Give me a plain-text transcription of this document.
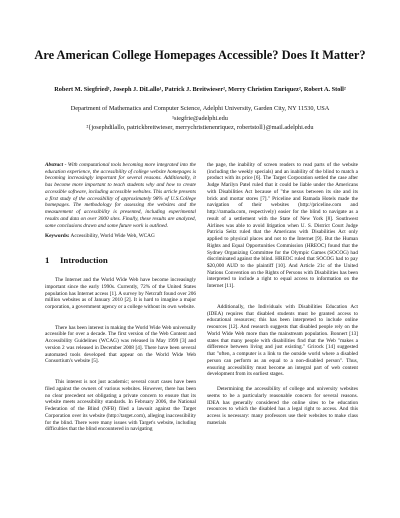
Are American College Homepages Accessible? Does It Matter?
Robert M. Siegfried¹, Joseph J. DiLallo¹, Patrick J. Breitwieser², Merry Christien Enriquez², Robert A. Stoll²
Department of Mathematics and Computer Science, Adelphi University, Garden City, NY 11530, USA
¹siegfrie@adelphi.edu
²{josephdilallo, patrickbreitwieser, merrychristienenriquez, robertstoll}@mail.adelphi.edu

Abstract - With computational tools becoming more integrated into the education experience, the accessibility of college website homepages is becoming increasingly important for several reasons. Additionally, it has become more important to teach students why and how to create accessible software, including accessible websites. This article presents a first study of the accessibility of approximately 98% of U.S.College homepages. The methodology for assessing the websites and the measurement of accessibility is presented, including experimental results and data on over 3000 sites. Finally, these results are analyzed, some conclusions drawn and some future work is outlined.

Keywords: Accessibility, World Wide Web, WCAG

1 Introduction

The Internet and the World Wide Web have become increasingly important since the early 1990s. Currently, 72% of the United States population has Internet access [1]. A survey by Netcraft found over 206 million websites as of January 2010 [2]. It is hard to imagine a major corporation, a government agency or a college without its own website.

There has been interest in making the World Wide Web universally accessible for over a decade. The first version of the Web Content and Accessibility Guidelines (WCAG) was released in May 1999 [3] and version 2 was released in December 2008 [4]. There have been several automated tools developed that appear on the World Wide Web Consortium's website [5].

This interest is not just academic; several court cases have been filed against the owners of various websites. However, there has been no clear precedent set obligating a private concern to ensure that its website meets accessibility standards. In February 2006, the National Federation of the Blind (NFB) filed a lawsuit against the Target Corporation over its website (http://target.com), alleging inaccessibility for the blind. There were many issues with Target's website, including difficulties that the blind encountered in navigating

the page, the inability of screen readers to read parts of the website (including the weekly specials) and an inability of the blind to match a product with its price [6]. The Target Corporation settled the case after Judge Marilyn Patel ruled that it could be liable under the Americans with Disabilities Act because of "the nexus between its site and its brick and mortar stores [7]." Priceline and Ramada Hotels made the navigation of their websites (http://priceline.com and http://ramada.com, respectively) easier for the blind to navigate as a result of a settlement with the State of New York [8]. Southwest Airlines was able to avoid litigation when U. S. District Court Judge Patricia Seitz ruled that the Americans with Disabilities Act only applied to physical places and not to the Internet [9]. But the Human Rights and Equal Opportunities Commission (HREOC) found that the Sydney Organizing Committee for the Olympic Games (SOCOG) had discriminated against the blind. HREOC ruled that SOCOG had to pay $20,000 AUD to the plaintiff [10]. And Article 21c of the United Nations Convention on the Rights of Persons with Disabilities has been interpreted to include a right to equal access to information on the Internet [11].

Additionally, the Individuals with Disabilities Education Act (IDEA) requires that disabled students must be granted access to educational resources; this has been interpreted to include online resources [12]. And research suggests that disabled people rely on the World Wide Web more than the mainstream population. Bonnert [13] states that many people with disabilities find that the Web "makes a difference between living and just existing." Grirock [14] suggested that "often, a computer is a link to the outside world where a disabled person can perform as an equal to a non-disabled person". Thus, ensuring accessibility must become an integral part of web content development from its earliest stages.

Determining the accessibility of college and university websites seems to be a particularly reasonable concern for several reasons. IDEA has generally considered the online sites to be education resources to which the disabled has a legal right to access. And this access is necessary: many professors use their websites to make class materials
